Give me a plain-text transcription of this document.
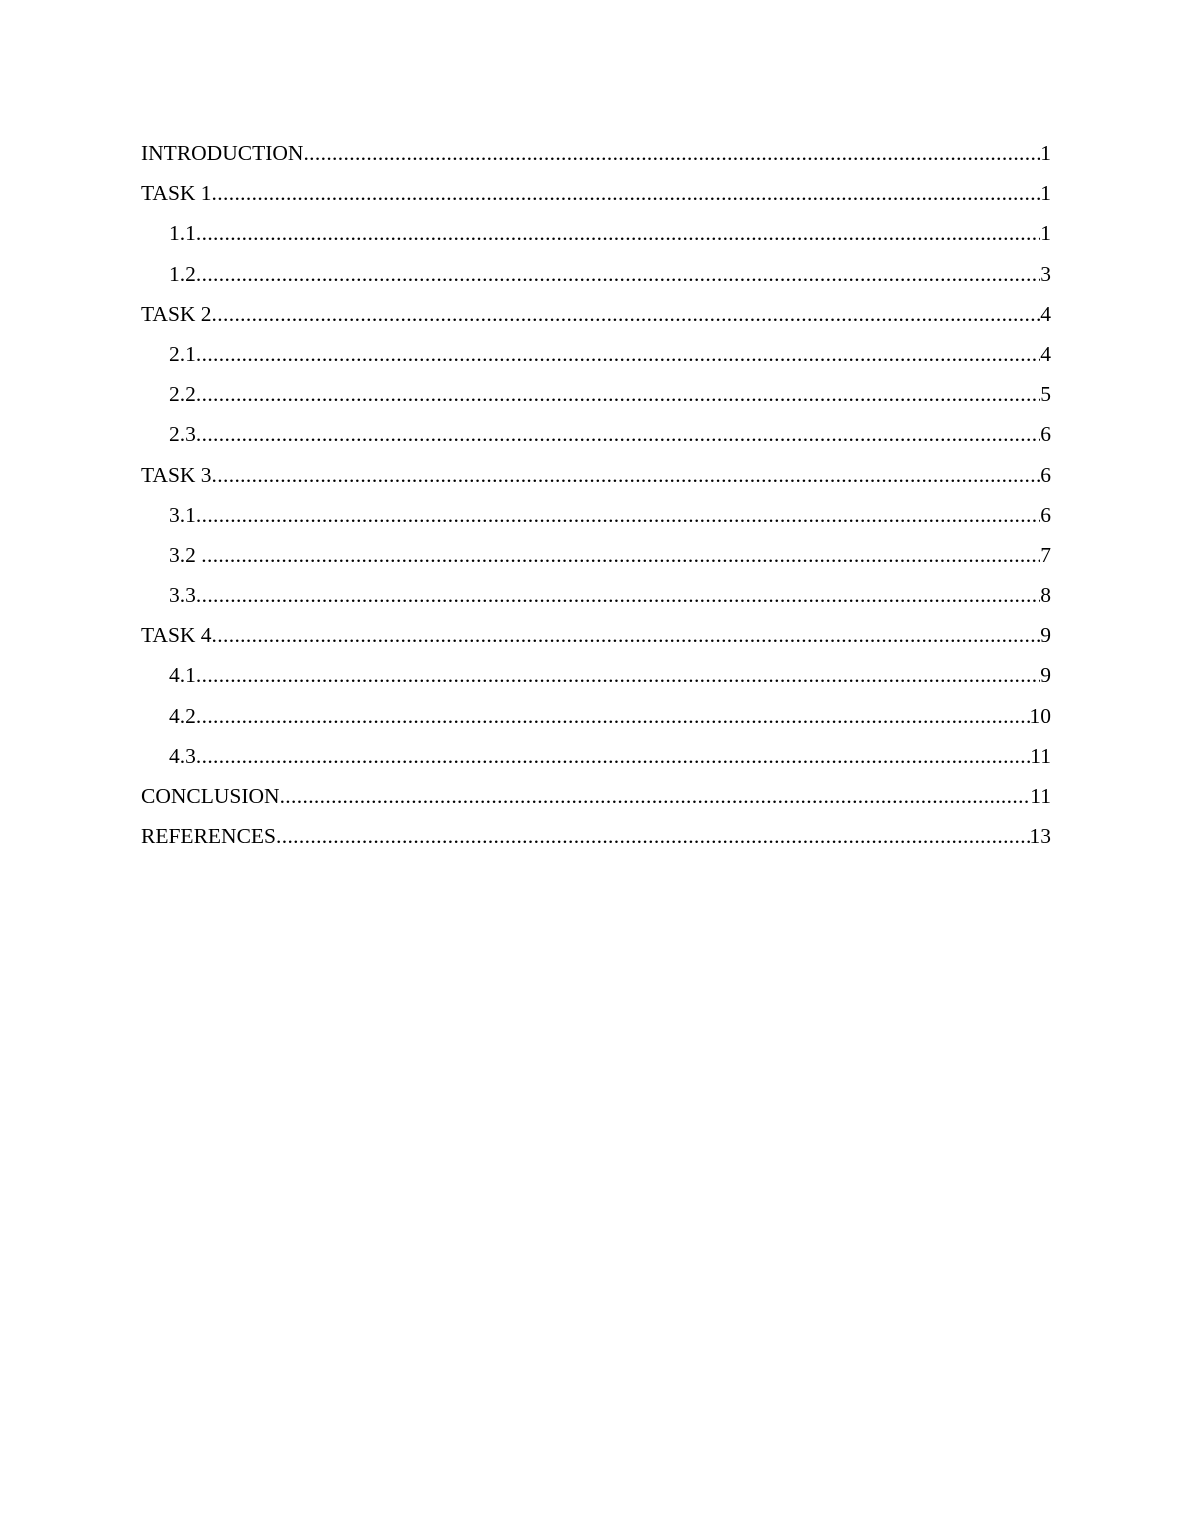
INTRODUCTION .....	1
TASK 1 .....	1
1.1 .....	1
1.2 .....	3
TASK 2 .....	4
2.1 .....	4
2.2 .....	5
2.3 .....	6
TASK 3 .....	6
3.1 .....	6
3.2 .....	7
3.3 .....	8
TASK 4 .....	9
4.1 .....	9
4.2 .....	10
4.3 .....	11
CONCLUSION .....	11
REFERENCES .....	13
